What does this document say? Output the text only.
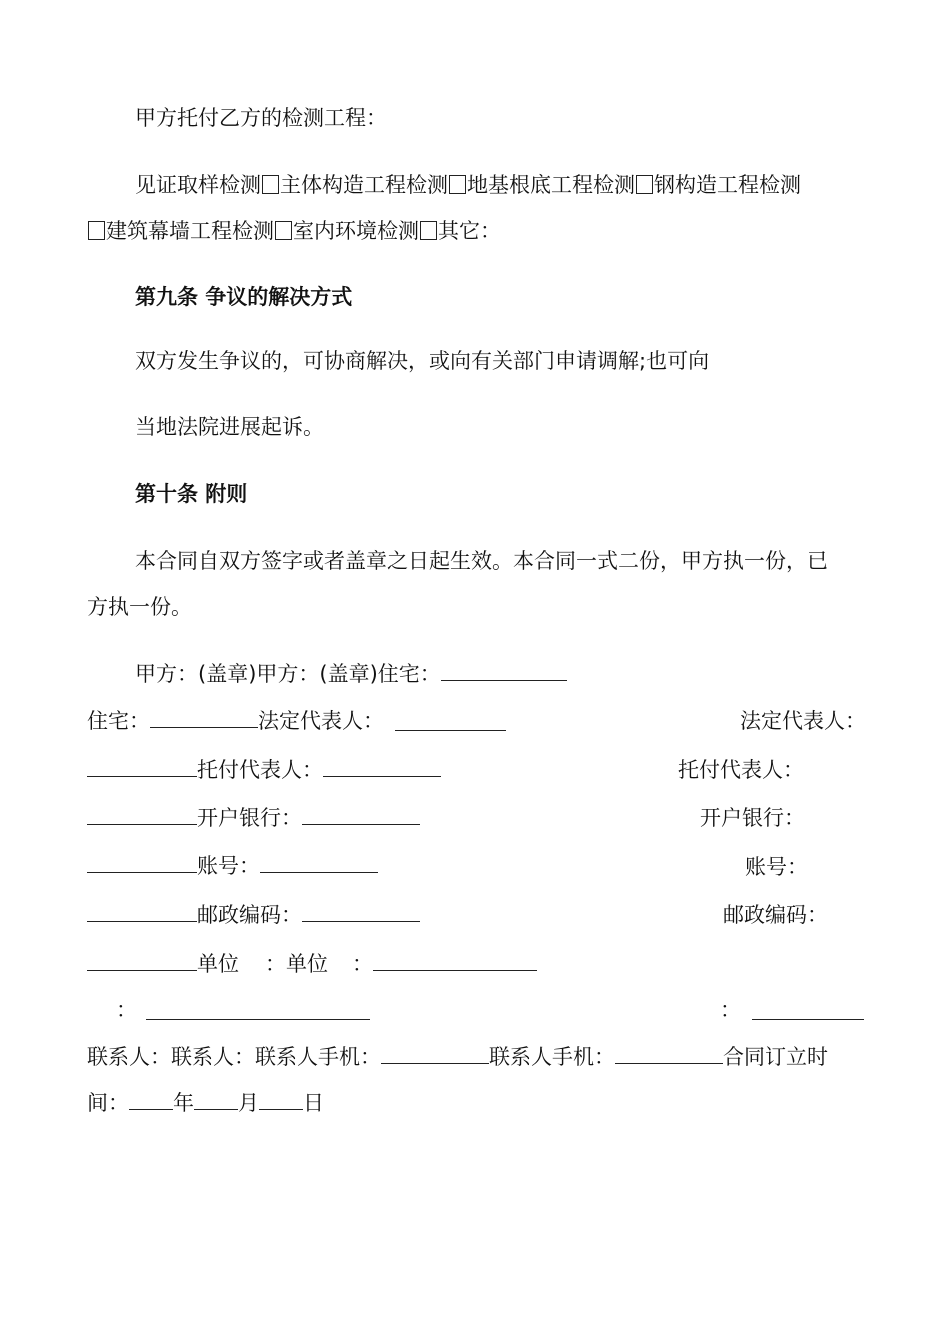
甲方托付乙方的检测工程：
见证取样检测 主体构造工程检测 地基根底工程检测 钢构造工程检测
建筑幕墙工程检测 室内环境检测 其它：
第九条 争议的解决方式
双方发生争议的，可协商解决，或向有关部门申请调解;也可向
当地法院进展起诉。
第十条 附则
本合同自双方签字或者盖章之日起生效。本合同一式二份，甲方执一份，已
方执一份。
甲方：(盖章)甲方：(盖章)住宅：
住宅：	法定代表人：	法定代表人：
托付代表人：	托付代表人：
开户银行：	开户银行：
账号：	账号：
邮政编码：	邮政编码：
单位 ：单位 ：
：	：
联系人：联系人：联系人手机：	联系人手机：	合同订立时
间： 年 月 日
